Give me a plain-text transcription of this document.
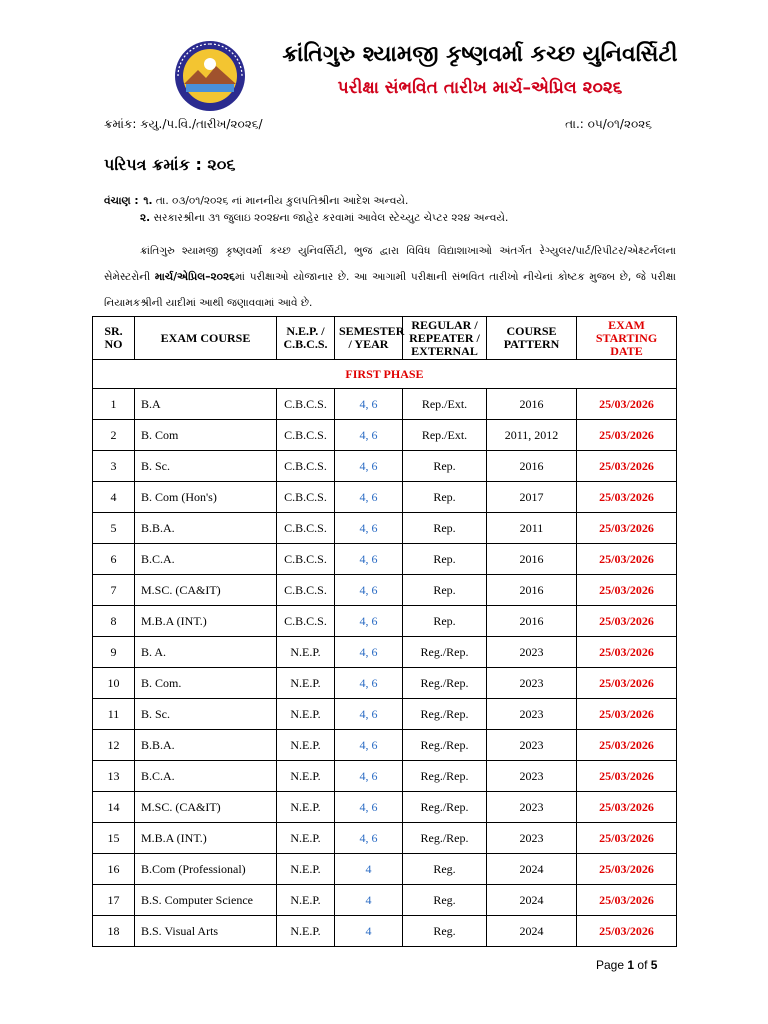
ક્રાંતિગુરુ શ્યામજી કૃષ્ણવર્મા કચ્છ યુનિવર્સિટી
પરીક્ષા સંભવિત તારીખ માર્ચ–એપ્રિલ ૨૦૨૬
ક્રમાંક: કયુ./પ.વિ./તારીખ/૨૦૨૬/	તા.: ૦૫/૦૧/૨૦૨૬
પરિપત્ર ક્રમાંક : ૨૦૬
વંચાણ : ૧. તા. ૦૩/૦૧/૨૦૨૬ નાં માનનીય કુલપતિશ્રીના આદેશ અન્વયે.
૨. સરકારશ્રીના ૩૧ જુલાઇ ૨૦૨૪ના જાહેર કરવામાં આવેલ સ્ટેચ્યુટ ચેપ્ટર ૨૨૪ અન્વયે.
ક્રાંતિગુરુ શ્યામજી કૃષ્ણવર્મા કચ્છ યુનિવર્સિટી, ભુજ દ્વારા વિવિધ વિદ્યાશાખાઓ અંતર્ગત રેગ્યુલર/પાર્ટ/રિપીટર/એક્ષ્ટર્નલના સેમેસ્ટરોની માર્ચ/એપ્રિલ–૨૦૨૬માં પરીક્ષાઓ યોજાનાર છે. આ આગામી પરીક્ષાની સંભવિત તારીખો નીચેનાં કોષ્ટક મુજબ છે, જે પરીક્ષા નિયામકશ્રીની યાદીમાં આથી જણાવવામાં આવે છે.
SR. NO	EXAM COURSE	N.E.P. / C.B.C.S.	SEMESTER / YEAR	REGULAR / REPEATER / EXTERNAL	COURSE PATTERN	EXAM STARTING DATE
FIRST PHASE						
1	B.A	C.B.C.S.	4, 6	Rep./Ext.	2016	25/03/2026
2	B. Com	C.B.C.S.	4, 6	Rep./Ext.	2011, 2012	25/03/2026
3	B. Sc.	C.B.C.S.	4, 6	Rep.	2016	25/03/2026
4	B. Com (Hon's)	C.B.C.S.	4, 6	Rep.	2017	25/03/2026
5	B.B.A.	C.B.C.S.	4, 6	Rep.	2011	25/03/2026
6	B.C.A.	C.B.C.S.	4, 6	Rep.	2016	25/03/2026
7	M.SC. (CA&IT)	C.B.C.S.	4, 6	Rep.	2016	25/03/2026
8	M.B.A (INT.)	C.B.C.S.	4, 6	Rep.	2016	25/03/2026
9	B. A.	N.E.P.	4, 6	Reg./Rep.	2023	25/03/2026
10	B. Com.	N.E.P.	4, 6	Reg./Rep.	2023	25/03/2026
11	B. Sc.	N.E.P.	4, 6	Reg./Rep.	2023	25/03/2026
12	B.B.A.	N.E.P.	4, 6	Reg./Rep.	2023	25/03/2026
13	B.C.A.	N.E.P.	4, 6	Reg./Rep.	2023	25/03/2026
14	M.SC. (CA&IT)	N.E.P.	4, 6	Reg./Rep.	2023	25/03/2026
15	M.B.A (INT.)	N.E.P.	4, 6	Reg./Rep.	2023	25/03/2026
16	B.Com (Professional)	N.E.P.	4	Reg.	2024	25/03/2026
17	B.S. Computer Science	N.E.P.	4	Reg.	2024	25/03/2026
18	B.S. Visual Arts	N.E.P.	4	Reg.	2024	25/03/2026
Page 1 of 5
